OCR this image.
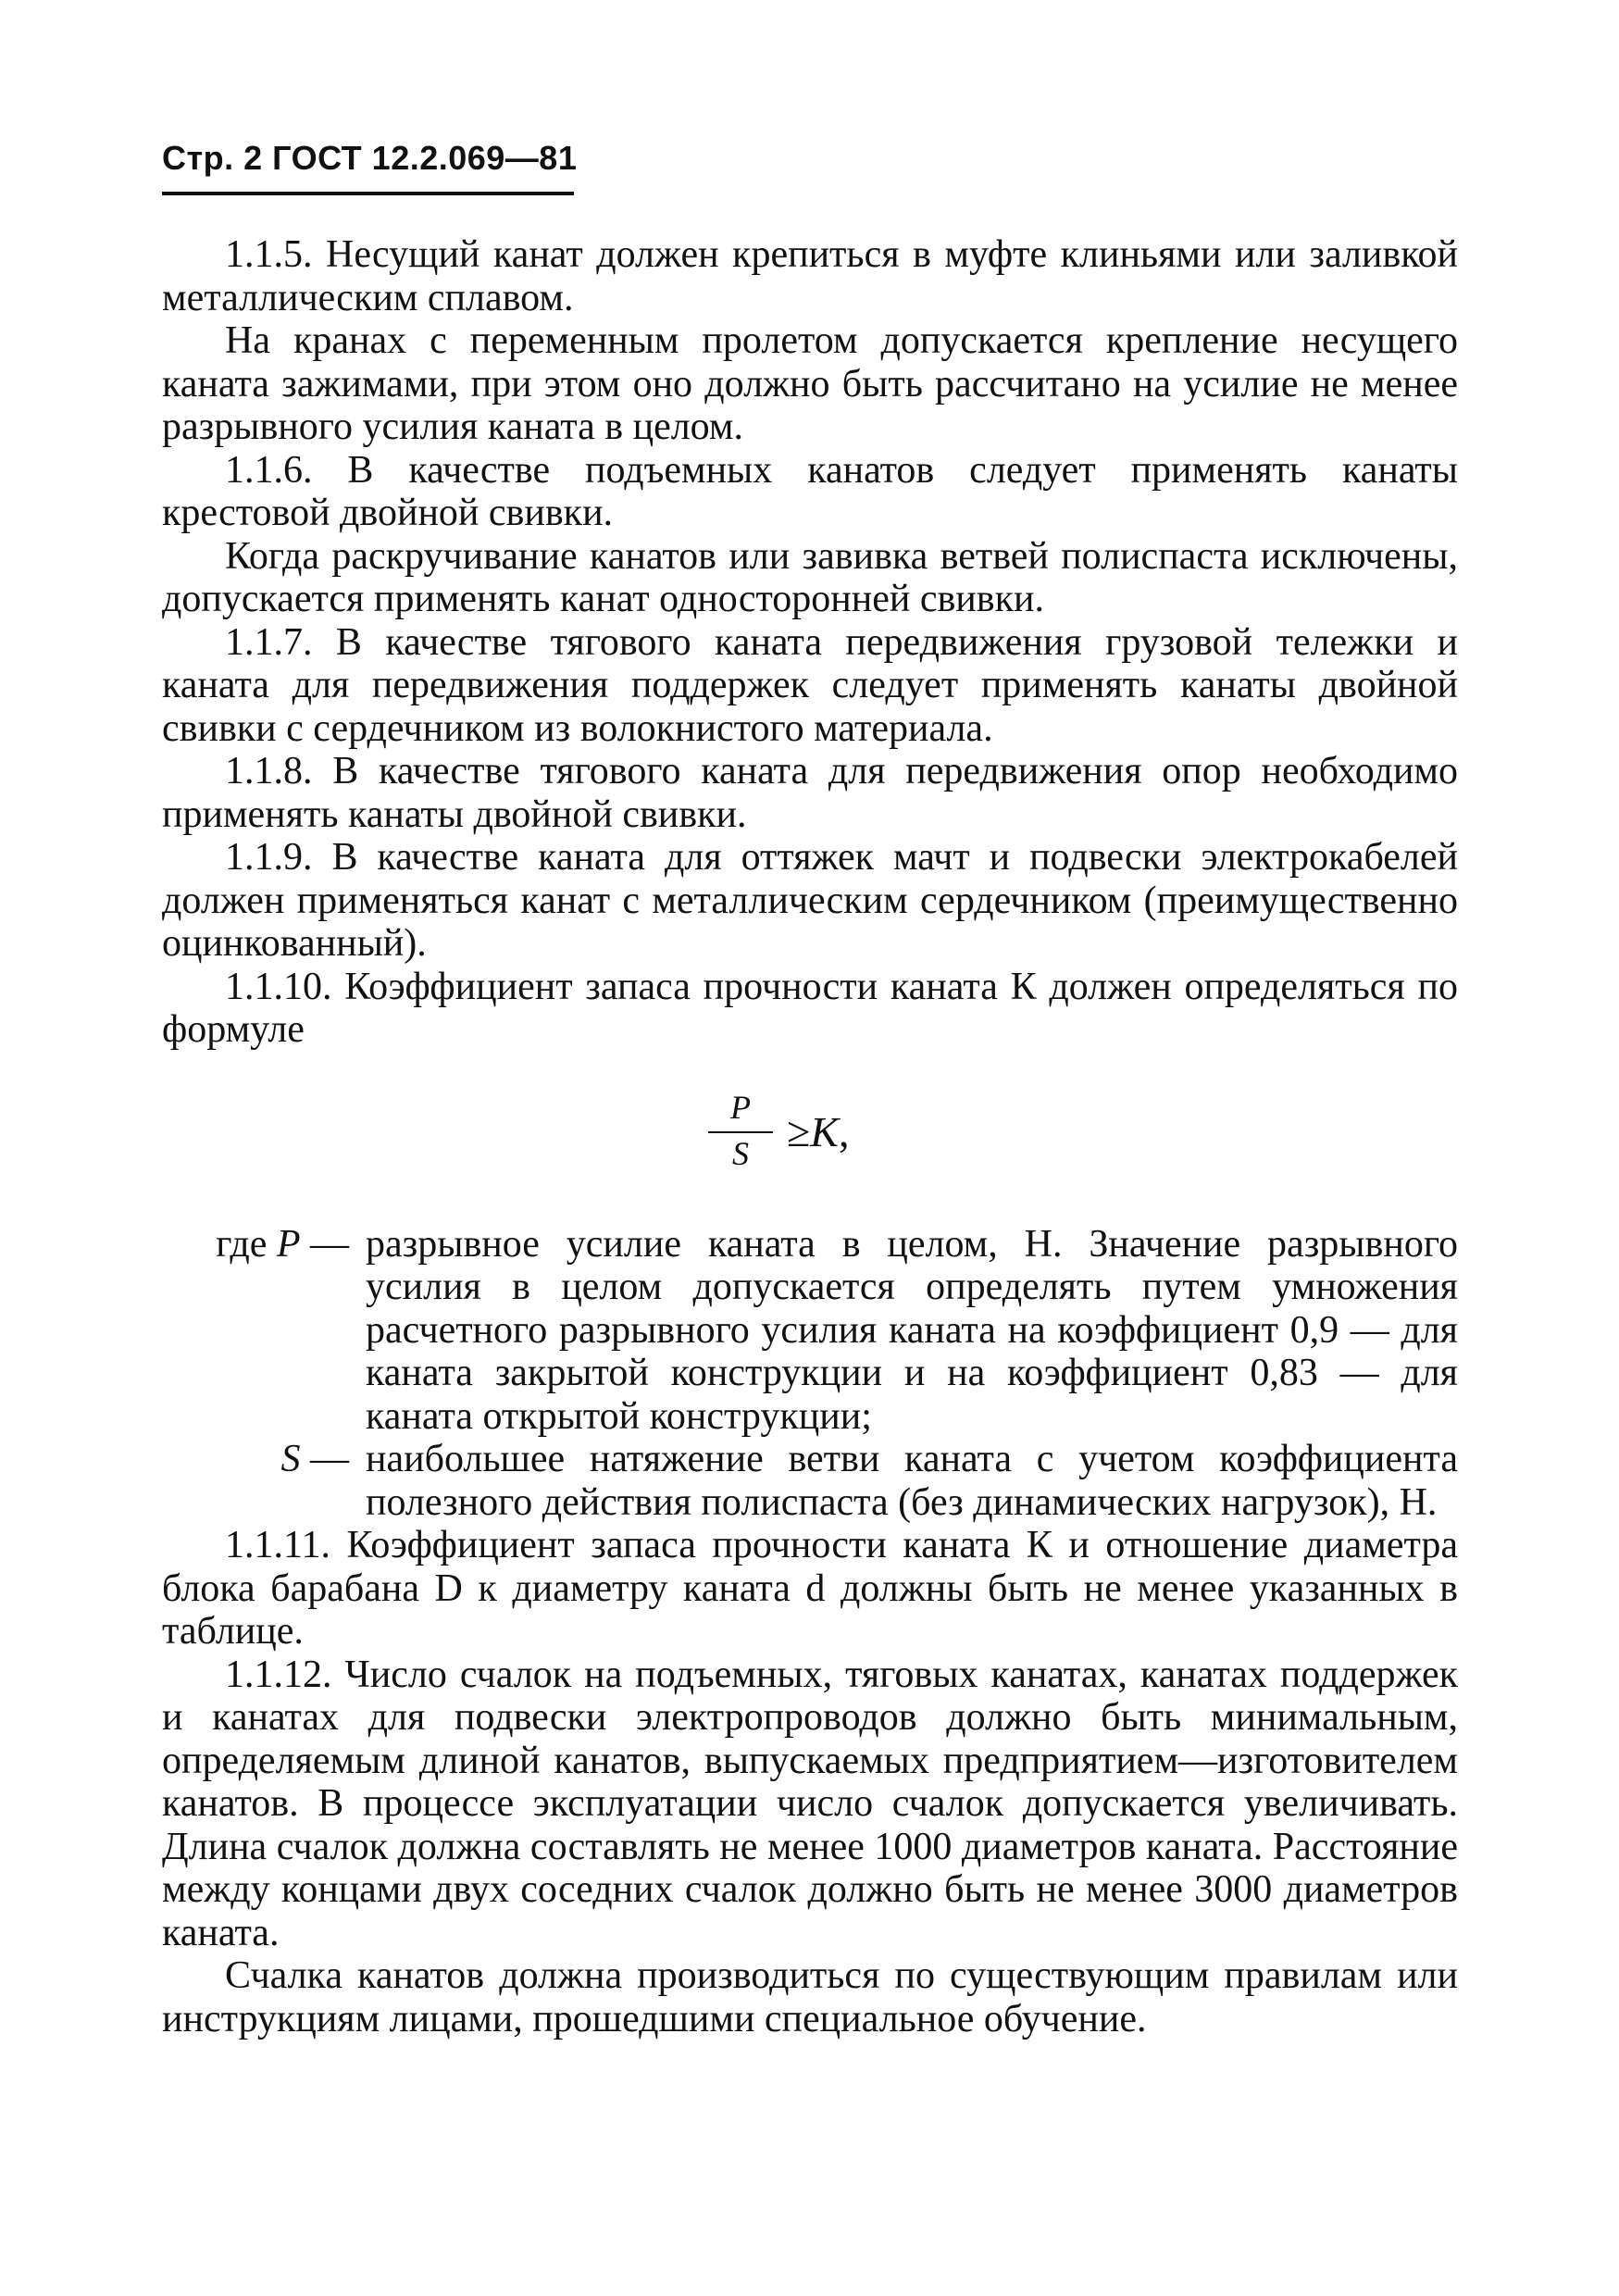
Стр. 2 ГОСТ 12.2.069—81

1.1.5. Несущий канат должен крепиться в муфте клиньями или заливкой металлическим сплавом.

На кранах с переменным пролетом допускается крепление несущего каната зажимами, при этом оно должно быть рассчитано на усилие не менее разрывного усилия каната в целом.

1.1.6. В качестве подъемных канатов следует применять канаты крестовой двойной свивки.

Когда раскручивание канатов или завивка ветвей полиспаста исключены, допускается применять канат односторонней свивки.

1.1.7. В качестве тягового каната передвижения грузовой тележки и каната для передвижения поддержек следует применять канаты двойной свивки с сердечником из волокнистого материала.

1.1.8. В качестве тягового каната для передвижения опор необходимо применять канаты двойной свивки.

1.1.9. В качестве каната для оттяжек мачт и подвески электрокабелей должен применяться канат с металлическим сердечником (преимущественно оцинкованный).

1.1.10. Коэффициент запаса прочности каната К должен определяться по формуле

P
S ≥K,
где P — разрывное усилие каната в целом, Н. Значение разрывного усилия в целом допускается определять путем умножения расчетного разрывного усилия каната на коэффициент 0,9 — для каната закрытой конструкции и на коэффициент 0,83 — для каната открытой конструкции;
S — наибольшее натяжение ветви каната с учетом коэффициента полезного действия полиспаста (без динамических нагрузок), Н.

1.1.11. Коэффициент запаса прочности каната К и отношение диаметра блока барабана D к диаметру каната d должны быть не менее указанных в таблице.

1.1.12. Число счалок на подъемных, тяговых канатах, канатах поддержек и канатах для подвески электропроводов должно быть минимальным, определяемым длиной канатов, выпускаемых предприятием—изготовителем канатов. В процессе эксплуатации число счалок допускается увеличивать. Длина счалок должна составлять не менее 1000 диаметров каната. Расстояние между концами двух соседних счалок должно быть не менее 3000 диаметров каната.

Счалка канатов должна производиться по существующим правилам или инструкциям лицами, прошедшими специальное обучение.
